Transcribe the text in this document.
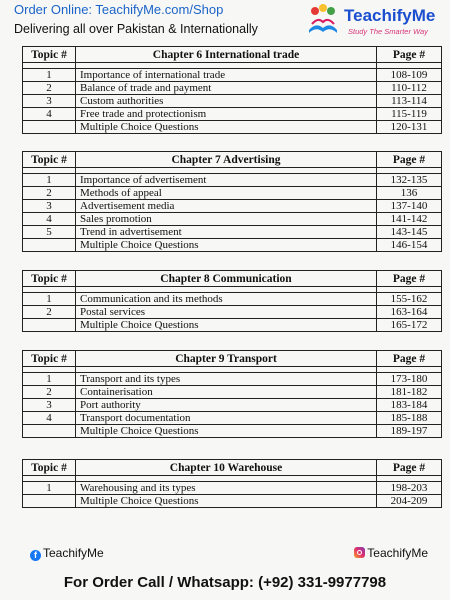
Order Online: TeachifyMe.com/Shop
Delivering all over Pakistan & Internationally
TeachifyMe
Study The Smarter Way
Topic #	Chapter 6 International trade	Page #

1	Importance of international trade	108-109
2	Balance of trade and payment	110-112
3	Custom authorities	113-114
4	Free trade and protectionism	115-119
	Multiple Choice Questions	120-131
Topic #	Chapter 7 Advertising	Page #

1	Importance of advertisement	132-135
2	Methods of appeal	136
3	Advertisement media	137-140
4	Sales promotion	141-142
5	Trend in advertisement	143-145
	Multiple Choice Questions	146-154
Topic #	Chapter 8 Communication	Page #

1	Communication and its methods	155-162
2	Postal services	163-164
	Multiple Choice Questions	165-172
Topic #	Chapter 9 Transport	Page #

1	Transport and its types	173-180
2	Containerisation	181-182
3	Port authority	183-184
4	Transport documentation	185-188
	Multiple Choice Questions	189-197
Topic #	Chapter 10 Warehouse	Page #

1	Warehousing and its types	198-203
	Multiple Choice Questions	204-209
f TeachifyMe	TeachifyMe
For Order Call / Whatsapp: (+92) 331-9977798
